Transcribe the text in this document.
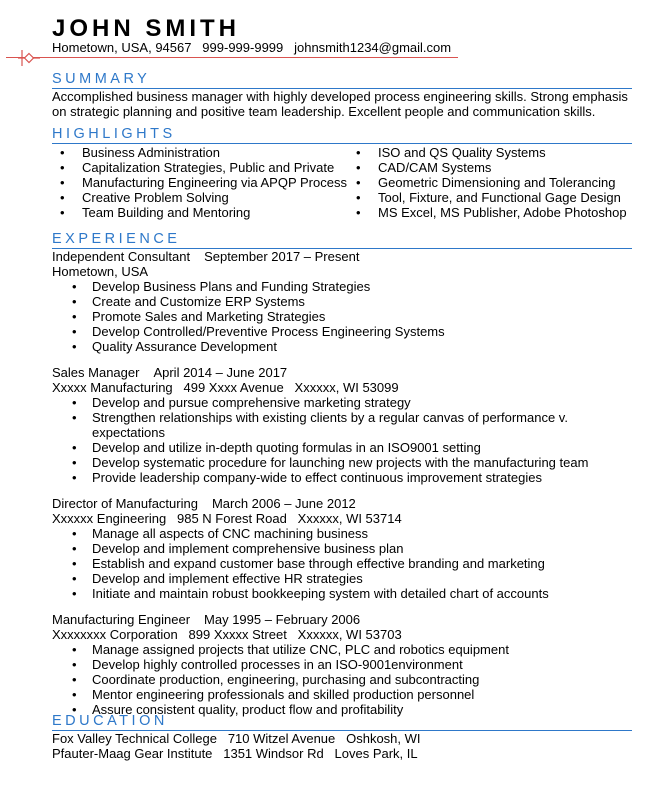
JOHN SMITH
Hometown, USA, 94567   999-999-9999   johnsmith1234@gmail.com
SUMMARY
Accomplished business manager with highly developed process engineering skills. Strong emphasis on strategic planning and positive team leadership. Excellent people and communication skills.
HIGHLIGHTS
• Business Administration
• Capitalization Strategies, Public and Private
• Manufacturing Engineering via APQP Process
• Creative Problem Solving
• Team Building and Mentoring
• ISO and QS Quality Systems
• CAD/CAM Systems
• Geometric Dimensioning and Tolerancing
• Tool, Fixture, and Functional Gage Design
• MS Excel, MS Publisher, Adobe Photoshop
EXPERIENCE
Independent Consultant September 2017 – Present
Hometown, USA
• Develop Business Plans and Funding Strategies
• Create and Customize ERP Systems
• Promote Sales and Marketing Strategies
• Develop Controlled/Preventive Process Engineering Systems
• Quality Assurance Development
Sales Manager April 2014 – June 2017
Xxxxx Manufacturing   499 Xxxx Avenue   Xxxxxx, WI 53099
• Develop and pursue comprehensive marketing strategy
• Strengthen relationships with existing clients by a regular canvas of performance v. expectations
• Develop and utilize in-depth quoting formulas in an ISO9001 setting
• Develop systematic procedure for launching new projects with the manufacturing team
• Provide leadership company-wide to effect continuous improvement strategies
Director of Manufacturing March 2006 – June 2012
Xxxxxx Engineering   985 N Forest Road   Xxxxxx, WI 53714
• Manage all aspects of CNC machining business
• Develop and implement comprehensive business plan
• Establish and expand customer base through effective branding and marketing
• Develop and implement effective HR strategies
• Initiate and maintain robust bookkeeping system with detailed chart of accounts
Manufacturing Engineer May 1995 – February 2006
Xxxxxxxx Corporation   899 Xxxxx Street   Xxxxxx, WI 53703
• Manage assigned projects that utilize CNC, PLC and robotics equipment
• Develop highly controlled processes in an ISO-9001environment
• Coordinate production, engineering, purchasing and subcontracting
• Mentor engineering professionals and skilled production personnel
• Assure consistent quality, product flow and profitability
EDUCATION
Fox Valley Technical College   710 Witzel Avenue   Oshkosh, WI
Pfauter-Maag Gear Institute   1351 Windsor Rd   Loves Park, IL
